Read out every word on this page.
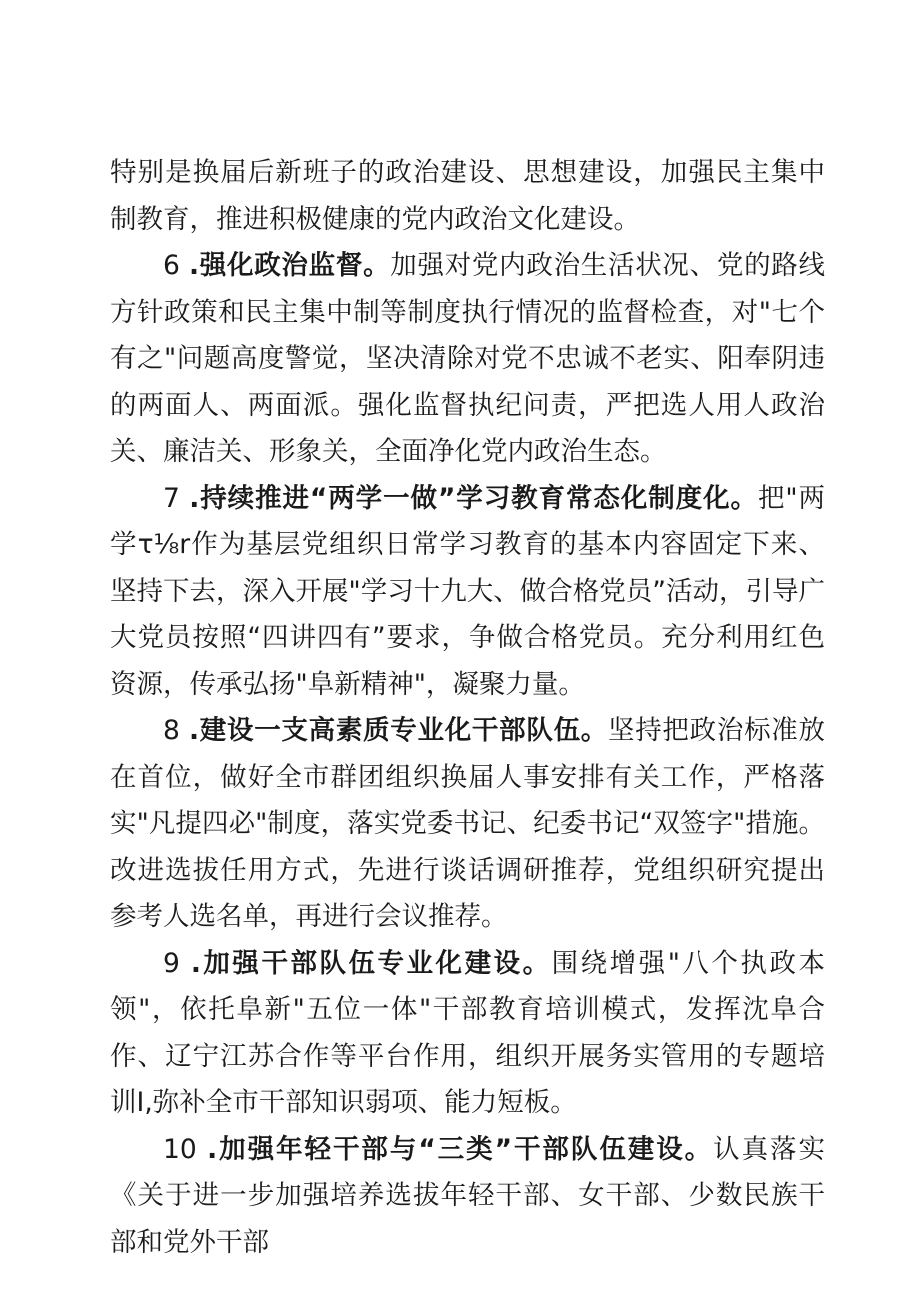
特别是换届后新班子的政治建设、思想建设，加强民主集中制教育，推进积极健康的党内政治文化建设。

6 .强化政治监督。加强对党内政治生活状况、党的路线方针政策和民主集中制等制度执行情况的监督检查，对"七个有之"问题高度警觉，坚决清除对党不忠诚不老实、阳奉阴违的两面人、两面派。强化监督执纪问责，严把选人用人政治关、廉洁关、形象关，全面净化党内政治生态。

7 .持续推进“两学一做”学习教育常态化制度化。把"两学τ⅛r作为基层党组织日常学习教育的基本内容固定下来、坚持下去，深入开展"学习十九大、做合格党员”活动，引导广大党员按照“四讲四有”要求，争做合格党员。充分利用红色资源，传承弘扬"阜新精神"，凝聚力量。

8 .建设一支高素质专业化干部队伍。坚持把政治标准放在首位，做好全市群团组织换届人事安排有关工作，严格落实"凡提四必"制度，落实党委书记、纪委书记“双签字"措施。改进选拔任用方式，先进行谈话调研推荐，党组织研究提出参考人选名单，再进行会议推荐。

9 .加强干部队伍专业化建设。围绕增强"八个执政本领"，依托阜新"五位一体"干部教育培训模式，发挥沈阜合作、辽宁江苏合作等平台作用，组织开展务实管用的专题培训I,弥补全市干部知识弱项、能力短板。

10 .加强年轻干部与“三类”干部队伍建设。认真落实《关于进一步加强培养选拔年轻干部、女干部、少数民族干部和党外干部
